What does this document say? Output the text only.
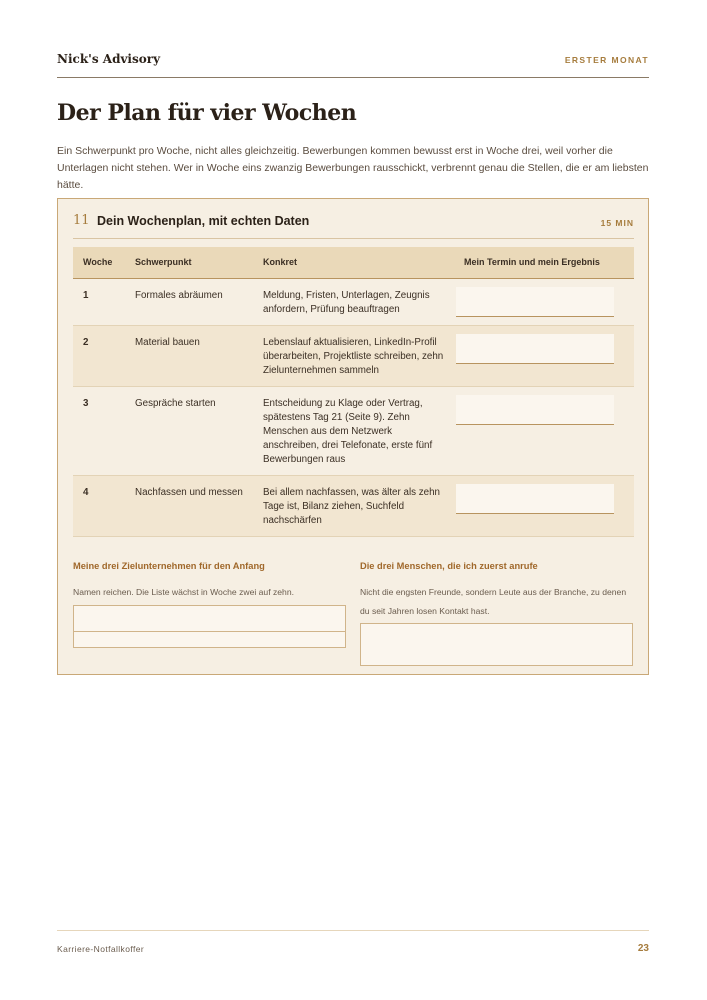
Nick's Advisory	ERSTER MONAT
Der Plan für vier Wochen

Ein Schwerpunkt pro Woche, nicht alles gleichzeitig. Bewerbungen kommen bewusst erst in Woche drei, weil vorher die Unterlagen nicht stehen. Wer in Woche eins zwanzig Bewerbungen rausschickt, verbrennt genau die Stellen, die er am liebsten hätte.

11 Dein Wochenplan, mit echten Daten	15 MIN
Woche	Schwerpunkt	Konkret	Mein Termin und mein Ergebnis
1	Formales abräumen	Meldung, Fristen, Unterlagen, Zeugnis anfordern, Prüfung beauftragen	

2	Material bauen	Lebenslauf aktualisieren, LinkedIn-Profil überarbeiten, Projektliste schreiben, zehn Zielunternehmen sammeln	

3	Gespräche starten	Entscheidung zu Klage oder Vertrag, spätestens Tag 21 (Seite 9). Zehn Menschen aus dem Netzwerk anschreiben, drei Telefonate, erste fünf Bewerbungen raus	

4	Nachfassen und messen	Bei allem nachfassen, was älter als zehn Tage ist, Bilanz ziehen, Suchfeld nachschärfen	
Meine drei Zielunternehmen für den Anfang
Namen reichen. Die Liste wächst in Woche zwei auf zehn.
Die drei Menschen, die ich zuerst anrufe
Nicht die engsten Freunde, sondern Leute aus der Branche, zu denen du seit Jahren losen Kontakt hast.
Karriere-Notfallkoffer	23
